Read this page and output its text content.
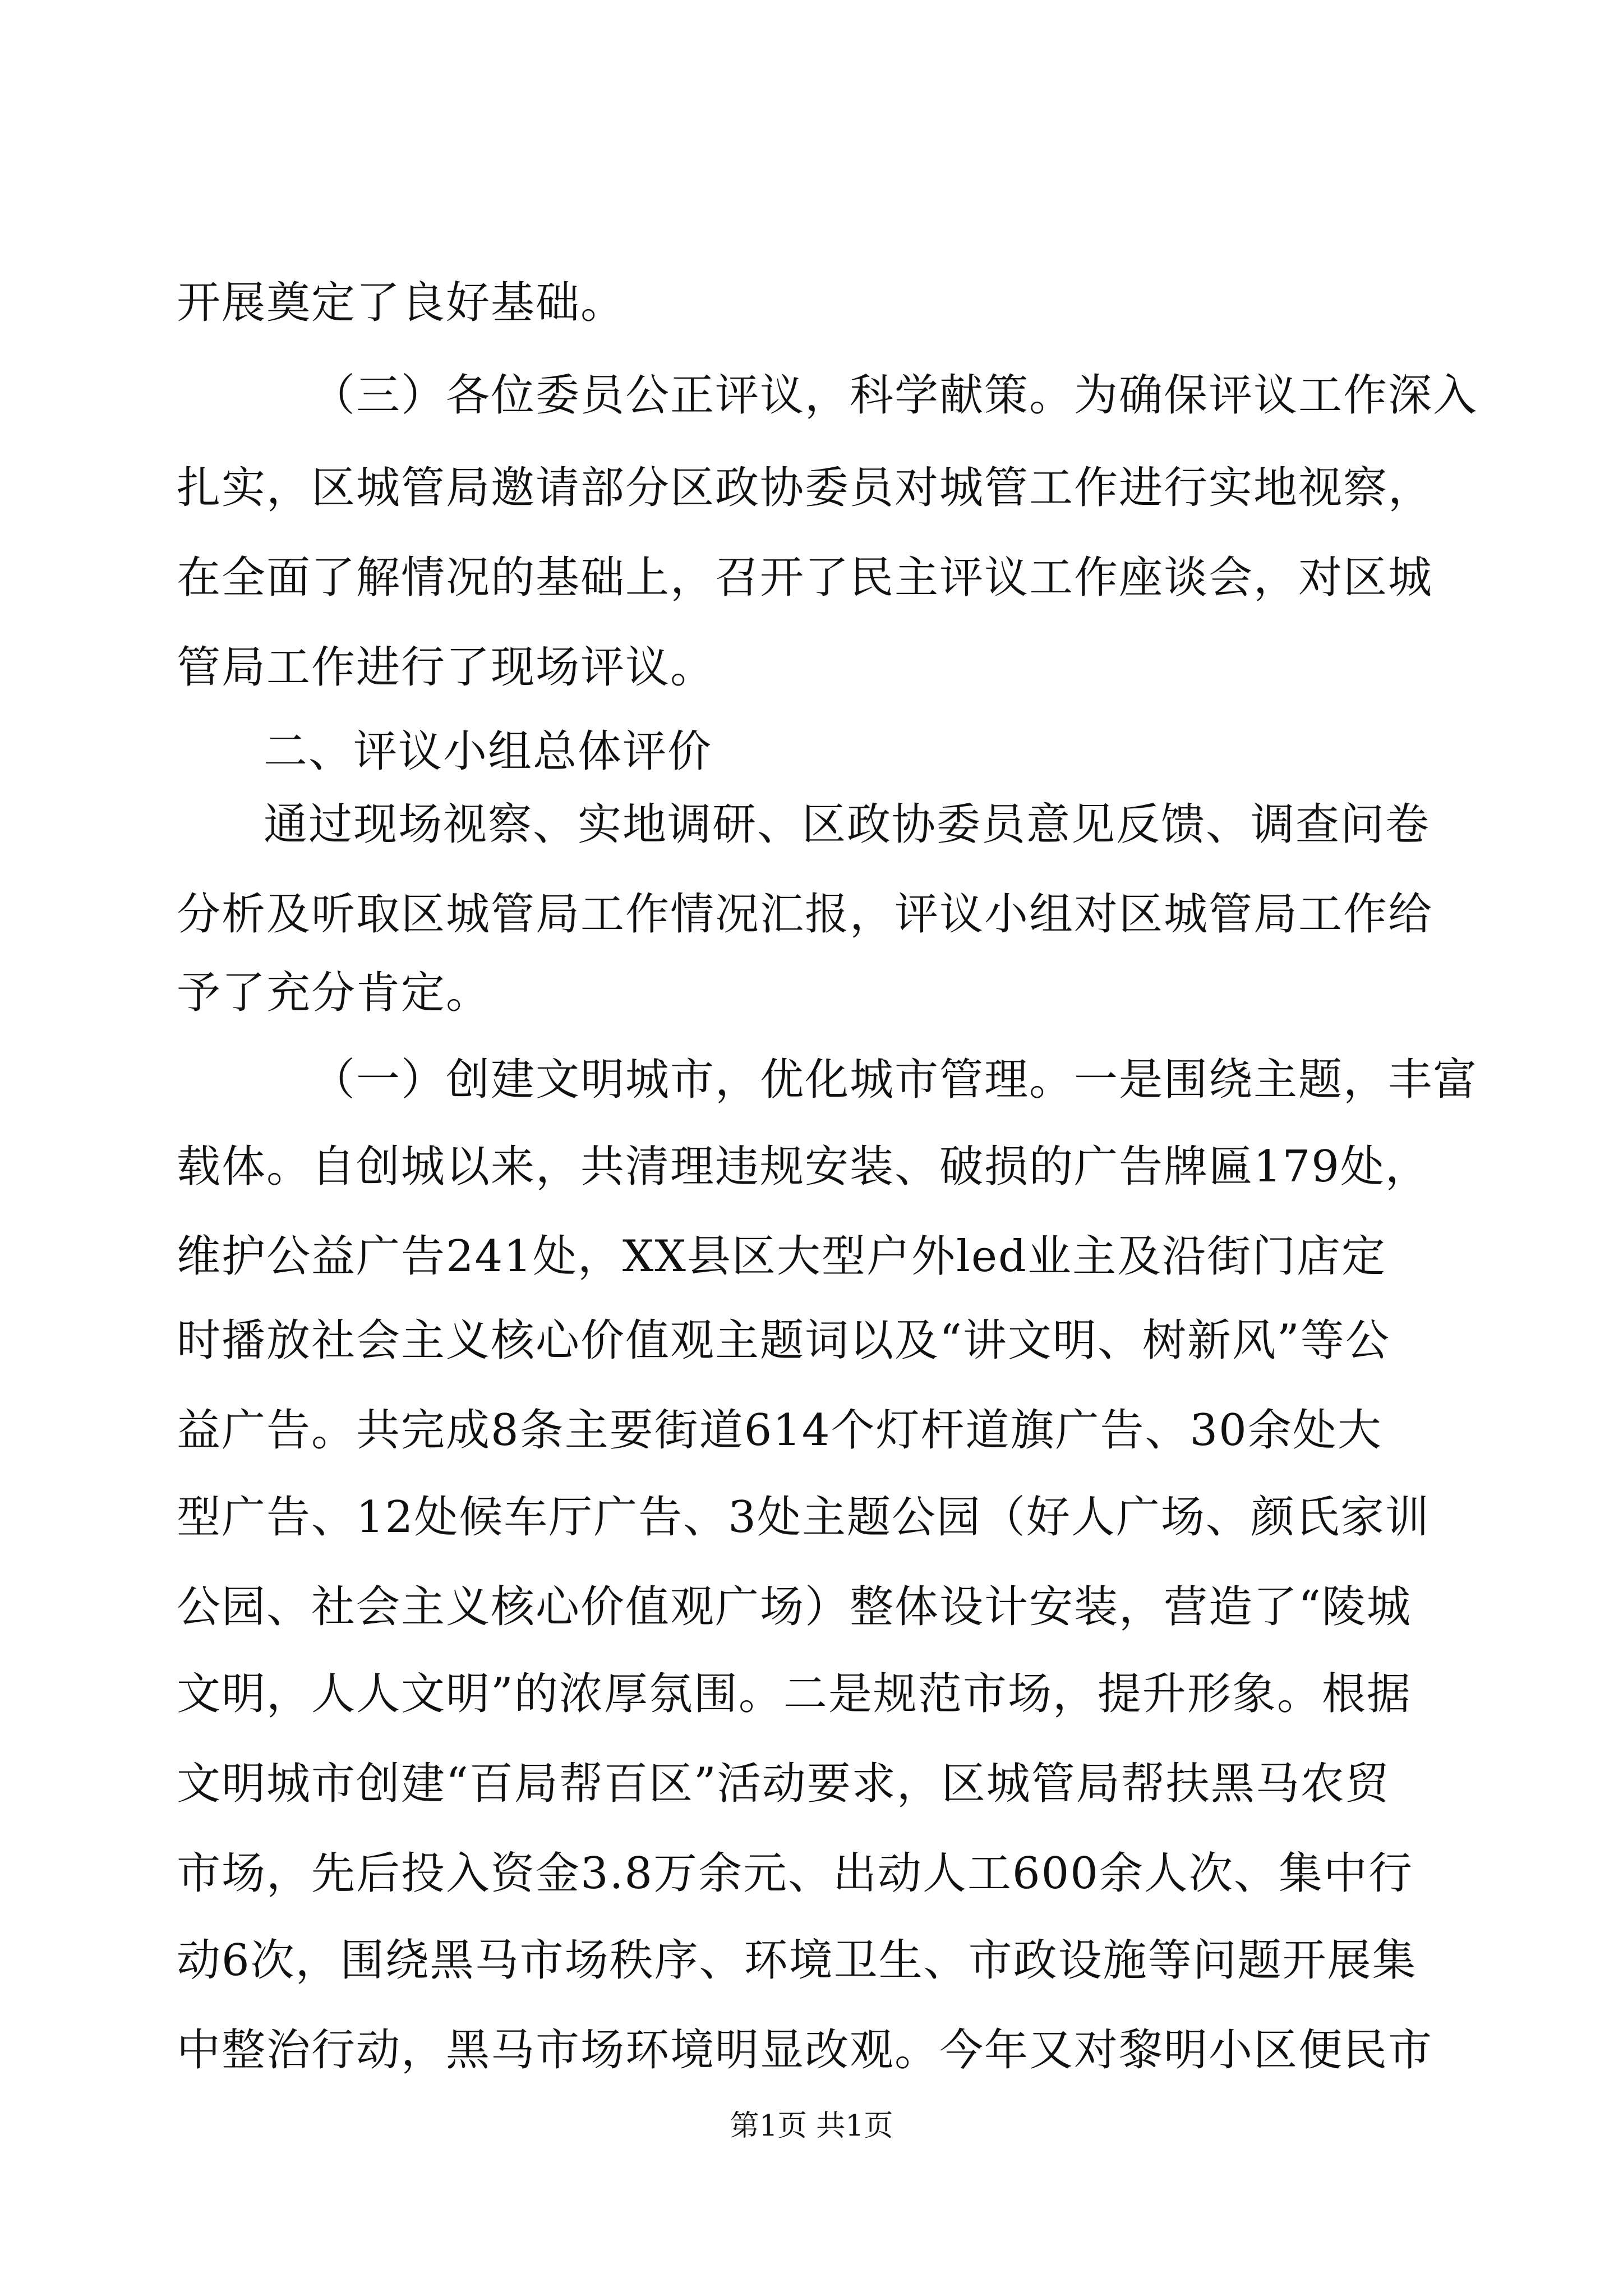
开展奠定了良好基础。
（三）各位委员公正评议，科学献策。为确保评议工作深入
扎实，区城管局邀请部分区政协委员对城管工作进行实地视察，
在全面了解情况的基础上，召开了民主评议工作座谈会，对区城
管局工作进行了现场评议。
二、评议小组总体评价
通过现场视察、实地调研、区政协委员意见反馈、调查问卷
分析及听取区城管局工作情况汇报，评议小组对区城管局工作给
予了充分肯定。
（一）创建文明城市，优化城市管理。一是围绕主题，丰富
载体。自创城以来，共清理违规安装、破损的广告牌匾179处，
维护公益广告241处，XX县区大型户外led业主及沿街门店定
时播放社会主义核心价值观主题词以及“讲文明、树新风”等公
益广告。共完成8条主要街道614个灯杆道旗广告、30余处大
型广告、12处候车厅广告、3处主题公园（好人广场、颜氏家训
公园、社会主义核心价值观广场）整体设计安装，营造了“陵城
文明，人人文明”的浓厚氛围。二是规范市场，提升形象。根据
文明城市创建“百局帮百区”活动要求，区城管局帮扶黑马农贸
市场，先后投入资金3.8万余元、出动人工600余人次、集中行
动6次，围绕黑马市场秩序、环境卫生、市政设施等问题开展集
中整治行动，黑马市场环境明显改观。今年又对黎明小区便民市
第1页 共1页
